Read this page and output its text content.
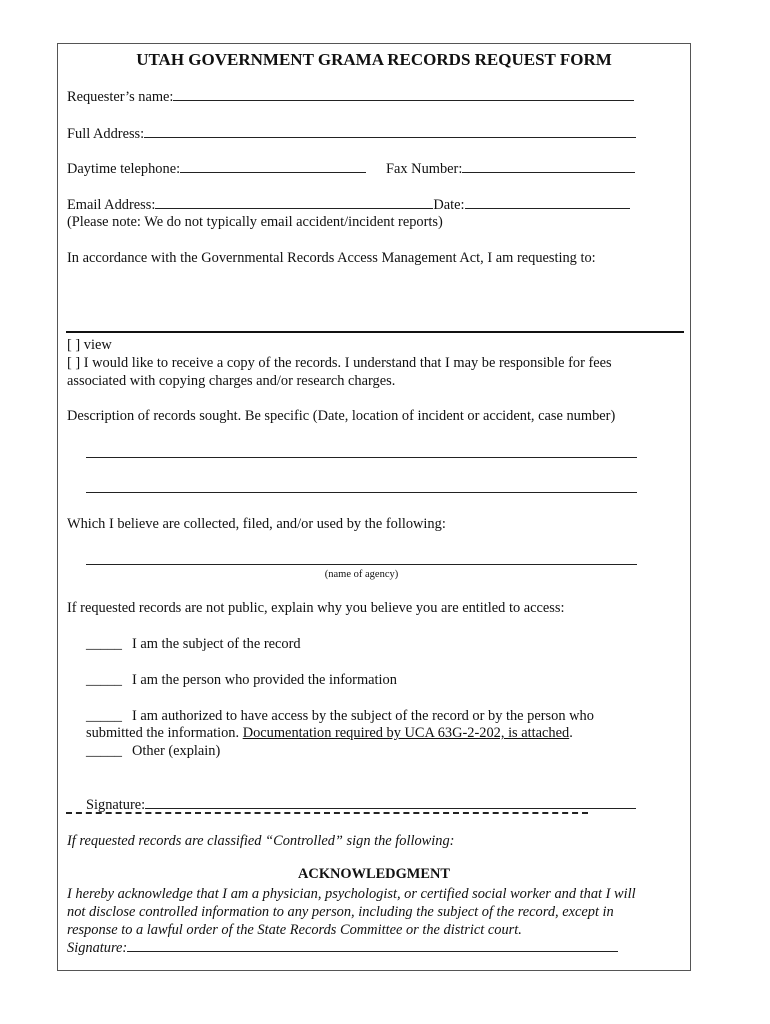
UTAH GOVERNMENT GRAMA RECORDS REQUEST FORM
Requester’s name:
Full Address:
Daytime telephone:	Fax Number:
Email Address:	Date:
(Please note: We do not typically email accident/incident reports)
In accordance with the Governmental Records Access Management Act, I am requesting to:
[ ] view
[ ] I would like to receive a copy of the records. I understand that I may be responsible for fees
associated with copying charges and/or research charges.
Description of records sought. Be specific (Date, location of incident or accident, case number)
Which I believe are collected, filed, and/or used by the following:
(name of agency)
If requested records are not public, explain why you believe you are entitled to access:
_____ I am the subject of the record
_____ I am the person who provided the information
_____ I am authorized to have access by the subject of the record or by the person who
submitted the information. Documentation required by UCA 63G-2-202, is attached.
_____ Other (explain)
Signature:
If requested records are classified “Controlled” sign the following:
ACKNOWLEDGMENT
I hereby acknowledge that I am a physician, psychologist, or certified social worker and that I will
not disclose controlled information to any person, including the subject of the record, except in
response to a lawful order of the State Records Committee or the district court.
Signature:
